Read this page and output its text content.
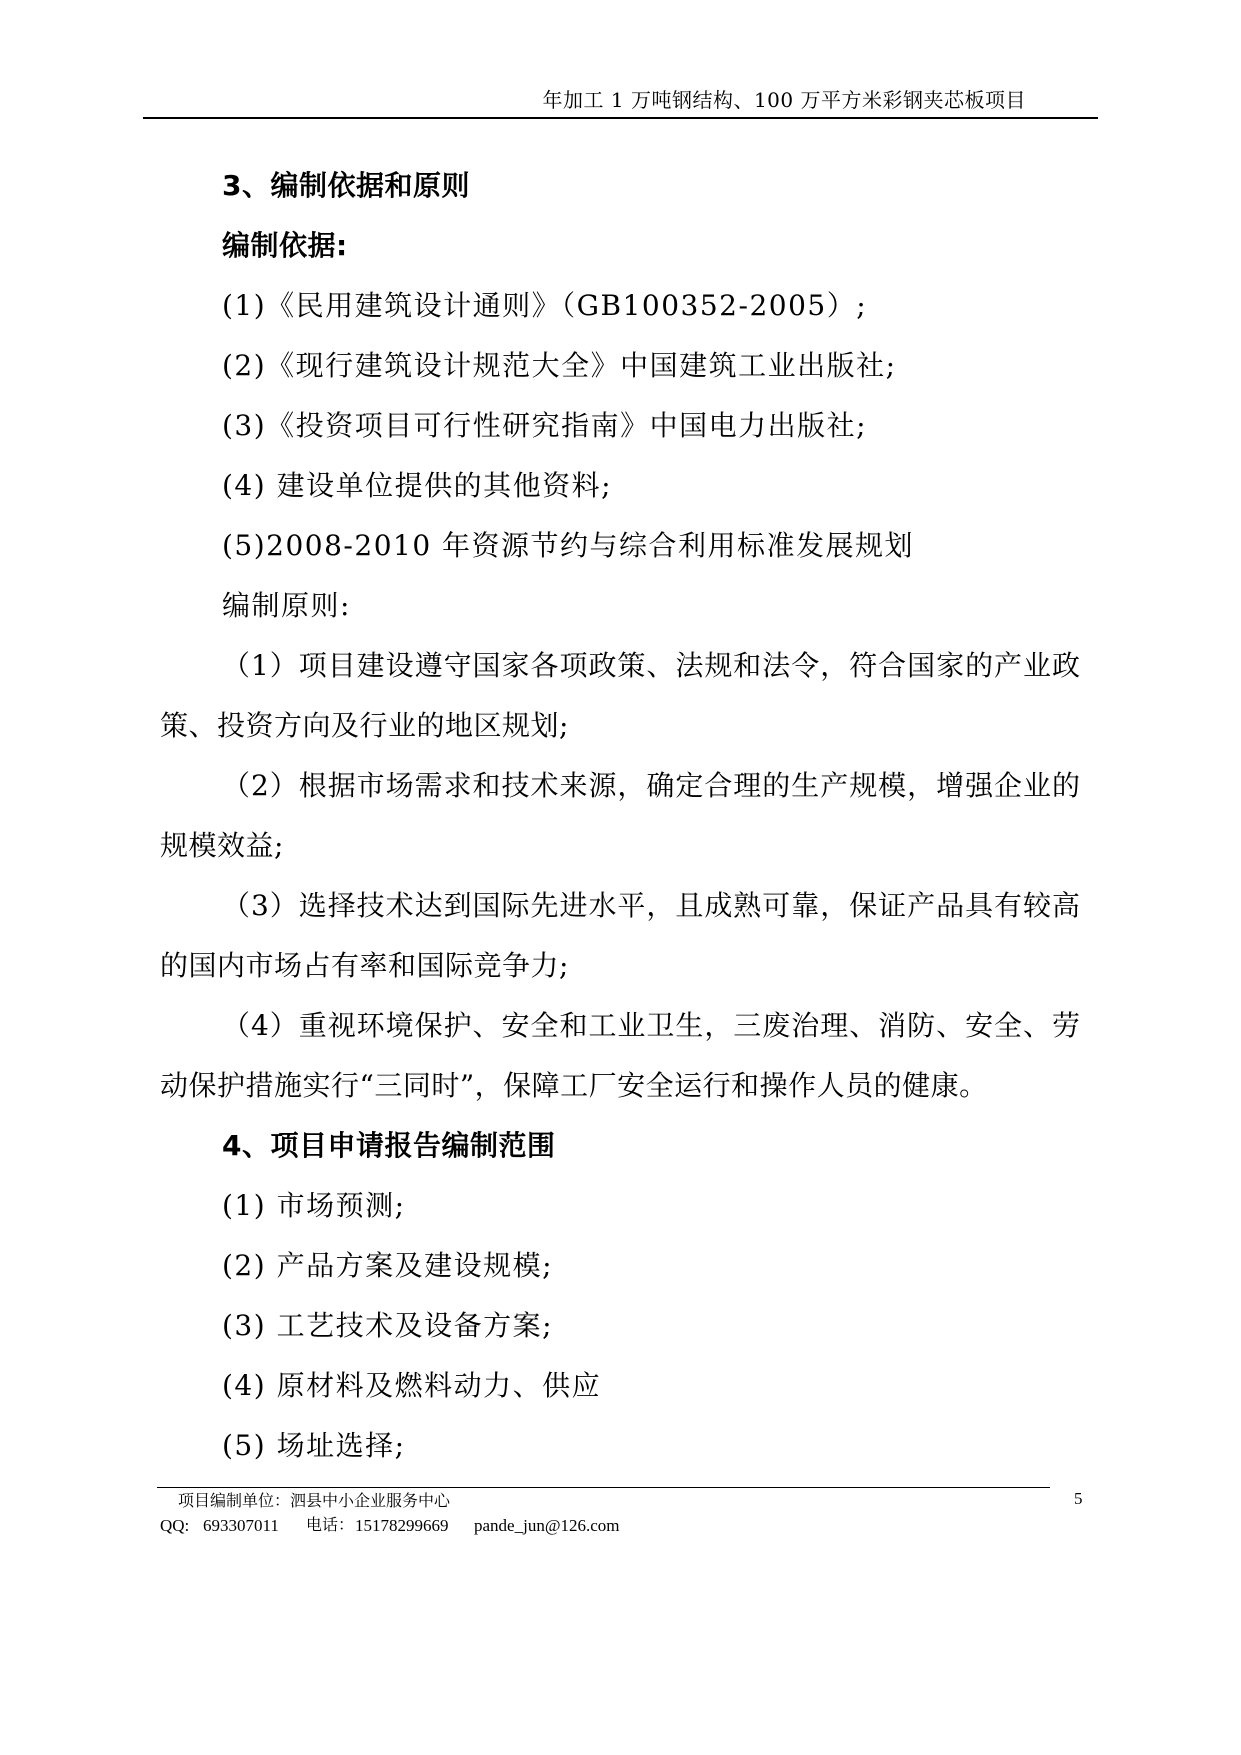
年加工 1 万吨钢结构、100 万平方米彩钢夹芯板项目
3、编制依据和原则
编制依据:
(1)《民用建筑设计通则》（GB100352-2005）;
(2)《现行建筑设计规范大全》中国建筑工业出版社;
(3)《投资项目可行性研究指南》中国电力出版社;
(4) 建设单位提供的其他资料;
(5)2008-2010 年资源节约与综合利用标准发展规划
编制原则:
（1）项目建设遵守国家各项政策、法规和法令，符合国家的产业政
策、投资方向及行业的地区规划;
（2）根据市场需求和技术来源，确定合理的生产规模，增强企业的
规模效益;
（3）选择技术达到国际先进水平，且成熟可靠，保证产品具有较高
的国内市场占有率和国际竞争力;
（4）重视环境保护、安全和工业卫生，三废治理、消防、安全、劳
动保护措施实行“三同时”，保障工厂安全运行和操作人员的健康。
4、项目申请报告编制范围
(1) 市场预测;
(2) 产品方案及建设规模;
(3) 工艺技术及设备方案;
(4) 原材料及燃料动力、供应
(5) 场址选择;
项目编制单位：泗县中小企业服务中心	5
QQ: 693307011 电话： 15178299669 pande_jun@126.com
